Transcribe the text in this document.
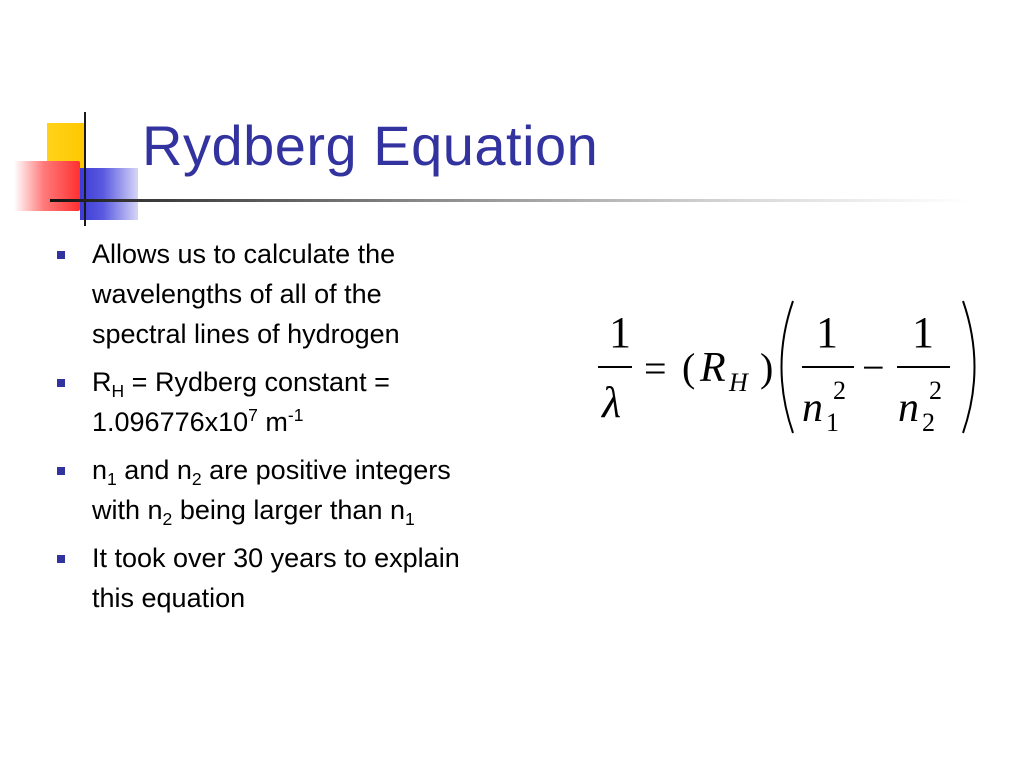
Rydberg Equation
Allows us to calculate the
wavelengths of all of the
spectral lines of hydrogen
$R_H$ = Rydberg constant =
$1.096776x10^7$ $m^{-1}$
$n_1$ and $n_2$ are positive integers
with $n_2$ being larger than $n_1$
It took over 30 years to explain
this equation
1
λ
= ( R H )
1
n 2
1
−
1
n 2
2
